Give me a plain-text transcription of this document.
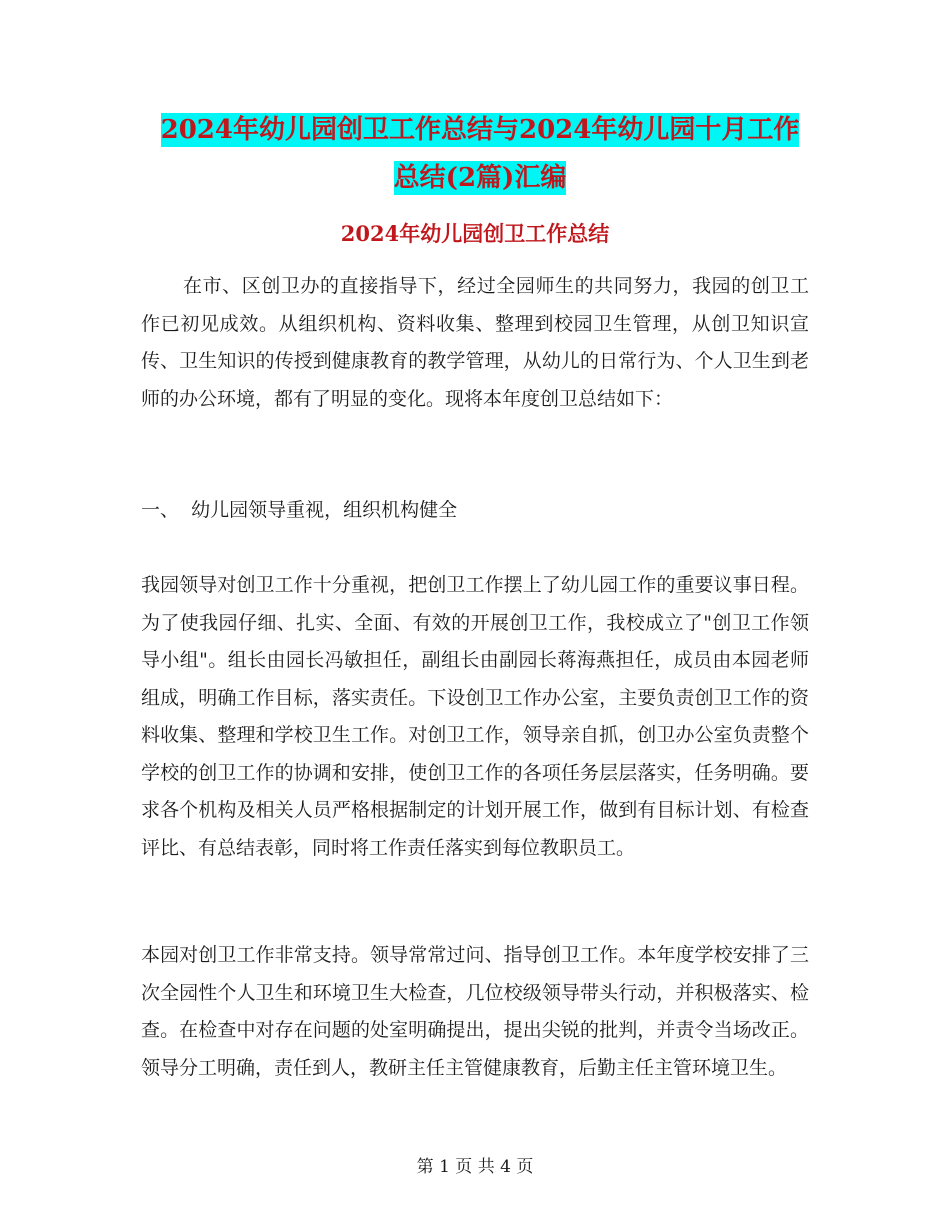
2024年幼儿园创卫工作总结与2024年幼儿园十月工作
总结(2篇)汇编
2024年幼儿园创卫工作总结

在市、区创卫办的直接指导下，经过全园师生的共同努力，我园的创卫工作已初见成效。从组织机构、资料收集、整理到校园卫生管理，从创卫知识宣传、卫生知识的传授到健康教育的教学管理，从幼儿的日常行为、个人卫生到老师的办公环境，都有了明显的变化。现将本年度创卫总结如下：

一、  幼儿园领导重视，组织机构健全

我园领导对创卫工作十分重视，把创卫工作摆上了幼儿园工作的重要议事日程。为了使我园仔细、扎实、全面、有效的开展创卫工作，我校成立了"创卫工作领导小组"。组长由园长冯敏担任，副组长由副园长蒋海燕担任，成员由本园老师组成，明确工作目标，落实责任。下设创卫工作办公室，主要负责创卫工作的资料收集、整理和学校卫生工作。对创卫工作，领导亲自抓，创卫办公室负责整个学校的创卫工作的协调和安排，使创卫工作的各项任务层层落实，任务明确。要求各个机构及相关人员严格根据制定的计划开展工作，做到有目标计划、有检查评比、有总结表彰，同时将工作责任落实到每位教职员工。

本园对创卫工作非常支持。领导常常过问、指导创卫工作。本年度学校安排了三次全园性个人卫生和环境卫生大检查，几位校级领导带头行动，并积极落实、检查。在检查中对存在问题的处室明确提出，提出尖锐的批判，并责令当场改正。领导分工明确，责任到人，教研主任主管健康教育，后勤主任主管环境卫生。

第 1 页 共 4 页
